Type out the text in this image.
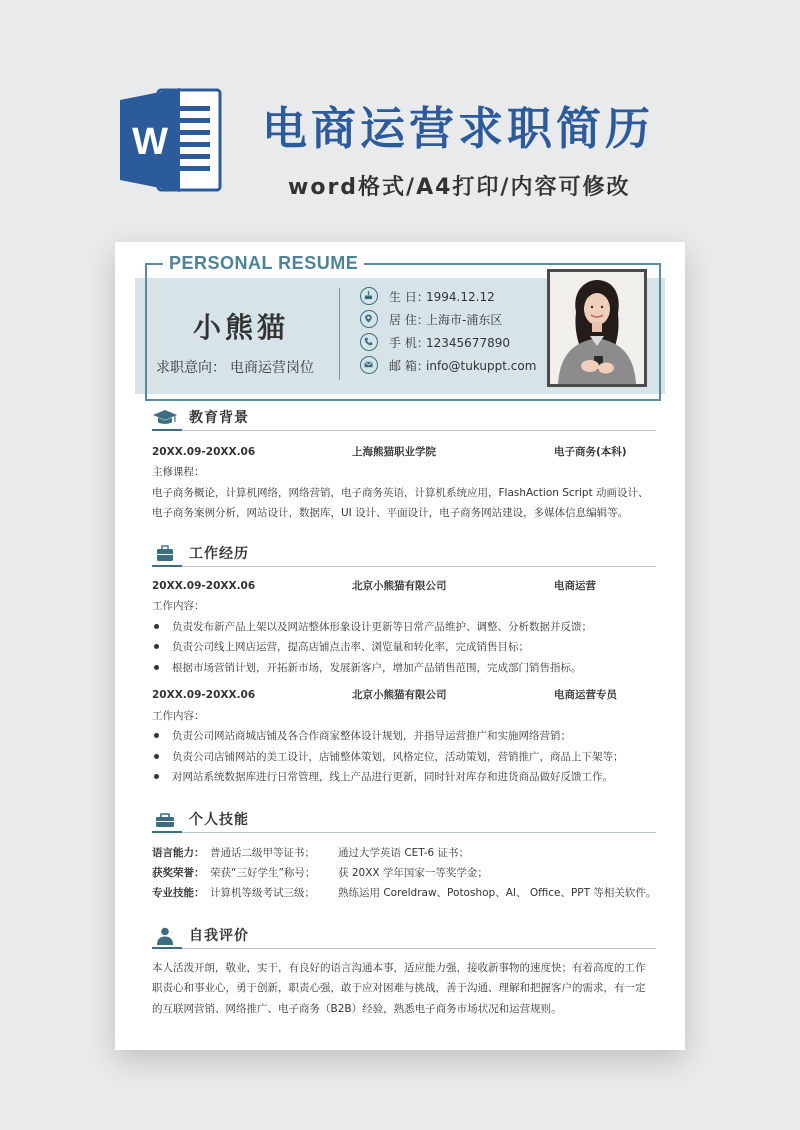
W 电商运营求职简历
word格式/A4打印/内容可修改
PERSONAL RESUME
小熊猫
求职意向： 电商运营岗位
生 日：
1994.12.12
居 住：
上海市-浦东区
手 机：
12345677890
邮 箱：
info@tukuppt.com
教育背景
20XX.09-20XX.06	上海熊猫职业学院	电子商务(本科)
主修课程：
电子商务概论，计算机网络，网络营销，电子商务英语，计算机系统应用，FlashAction Script 动画设计、
电子商务案例分析，网站设计，数据库，UI 设计、平面设计，电子商务网站建设，多媒体信息编辑等。
工作经历
20XX.09-20XX.06	北京小熊猫有限公司	电商运营
工作内容：
负责发布新产品上架以及网站整体形象设计更新等日常产品维护、调整、分析数据并反馈；
负责公司线上网店运营，提高店铺点击率、浏览量和转化率，完成销售目标；
根据市场营销计划，开拓新市场，发展新客户，增加产品销售范围，完成部门销售指标。
20XX.09-20XX.06	北京小熊猫有限公司	电商运营专员
工作内容：
负责公司网站商城店铺及各合作商家整体设计规划，并指导运营推广和实施网络营销；
负责公司店铺网站的美工设计，店铺整体策划，风格定位，活动策划，营销推广，商品上下架等；
对网站系统数据库进行日常管理，线上产品进行更新，同时针对库存和进货商品做好反馈工作。
个人技能
语言能力： 普通话二级甲等证书； 通过大学英语 CET-6 证书；
获奖荣誉： 荣获“三好学生”称号； 获 20XX 学年国家一等奖学金；
专业技能： 计算机等级考试三级； 熟练运用 Coreldraw、Potoshop、AI、 Office、PPT 等相关软件。
自我评价
本人活泼开朗，敬业，实干，有良好的语言沟通本事，适应能力强，接收新事物的速度快；有着高度的工作
职责心和事业心，勇于创新，职责心强，敢于应对困难与挑战，善于沟通、理解和把握客户的需求，有一定
的互联网营销、网络推广、电子商务（B2B）经验，熟悉电子商务市场状况和运营规则。
